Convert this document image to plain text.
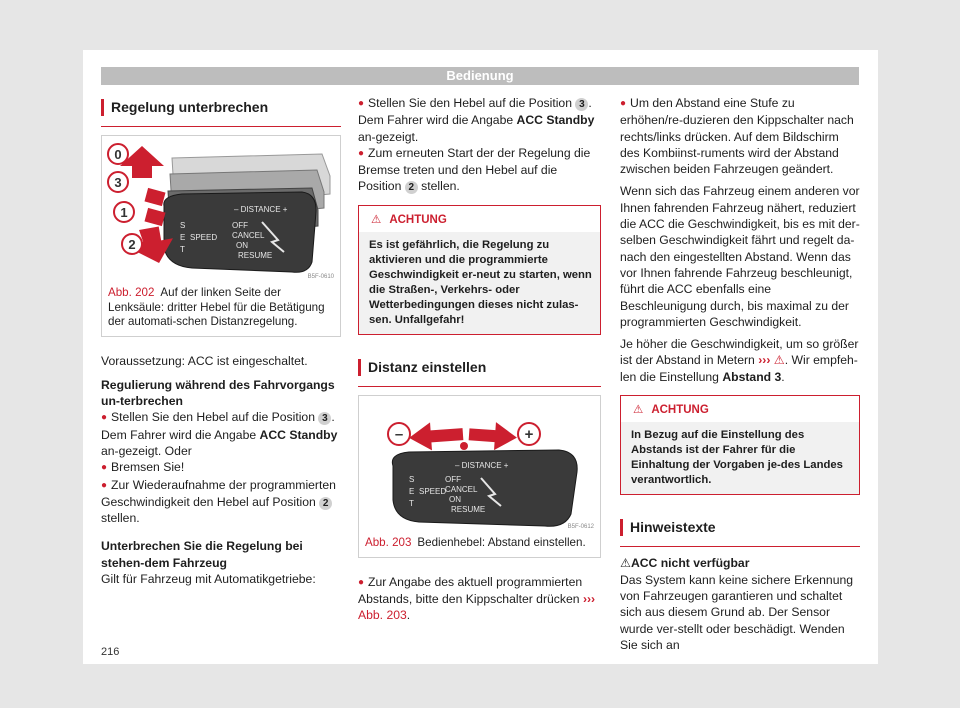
Bedienung
Regelung unterbrechen
– DISTANCE +
S
E
T
SPEED
OFF
CANCEL
ON
RESUME
0
3
1
2
B5F-0610
Abb. 202 Auf der linken Seite der Lenksäule: dritter Hebel für die Betätigung der automati-schen Distanzregelung.

Voraussetzung: ACC ist eingeschaltet.

Regulierung während des Fahrvorgangs un-terbrechen

● Stellen Sie den Hebel auf die Position 3 . Dem Fahrer wird die Angabe ACC Standby an-gezeigt. Oder

● Bremsen Sie!

● Zur Wiederaufnahme der programmierten Geschwindigkeit den Hebel auf Position 2 stellen.

Unterbrechen Sie die Regelung bei stehen-dem Fahrzeug

Gilt für Fahrzeug mit Automatikgetriebe:

● Stellen Sie den Hebel auf die Position 3 . Dem Fahrer wird die Angabe ACC Standby an-gezeigt.

● Zum erneuten Start der der Regelung die Bremse treten und den Hebel auf die Position 2 stellen.

⚠ ACHTUNG
Es ist gefährlich, die Regelung zu aktivieren und die programmierte Geschwindigkeit er-neut zu starten, wenn die Straßen-, Verkehrs- oder Wetterbedingungen dieses nicht zulas-sen. Unfallgefahr!
Distanz einstellen
– DISTANCE +
S
E
T
SPEED
OFF
CANCEL
ON
RESUME
–	+
B5F-0612
Abb. 203 Bedienhebel: Abstand einstellen.

● Zur Angabe des aktuell programmierten Abstands, bitte den Kippschalter drücken ››› Abb. 203.

● Um den Abstand eine Stufe zu erhöhen/re-duzieren den Kippschalter nach rechts/links drücken. Auf dem Bildschirm des Kombiinst-ruments wird der Abstand zwischen beiden Fahrzeugen geändert.

Wenn sich das Fahrzeug einem anderen vor Ihnen fahrenden Fahrzeug nähert, reduziert die ACC die Geschwindigkeit, bis es mit der-selben Geschwindigkeit fährt und regelt da-nach den eingestellten Abstand. Wenn das vor Ihnen fahrende Fahrzeug beschleunigt, führt die ACC ebenfalls eine Beschleunigung durch, bis maximal zu der programmierten Geschwindigkeit.

Je höher die Geschwindigkeit, um so größer ist der Abstand in Metern ››› ⚠. Wir empfeh-len die Einstellung Abstand 3.

⚠ ACHTUNG
In Bezug auf die Einstellung des Abstands ist der Fahrer für die Einhaltung der Vorgaben je-des Landes verantwortlich.
Hinweistexte

⚠ACC nicht verfügbar

Das System kann keine sichere Erkennung von Fahrzeugen garantieren und schaltet sich aus diesem Grund ab. Der Sensor wurde ver-stellt oder beschädigt. Wenden Sie sich an

216
